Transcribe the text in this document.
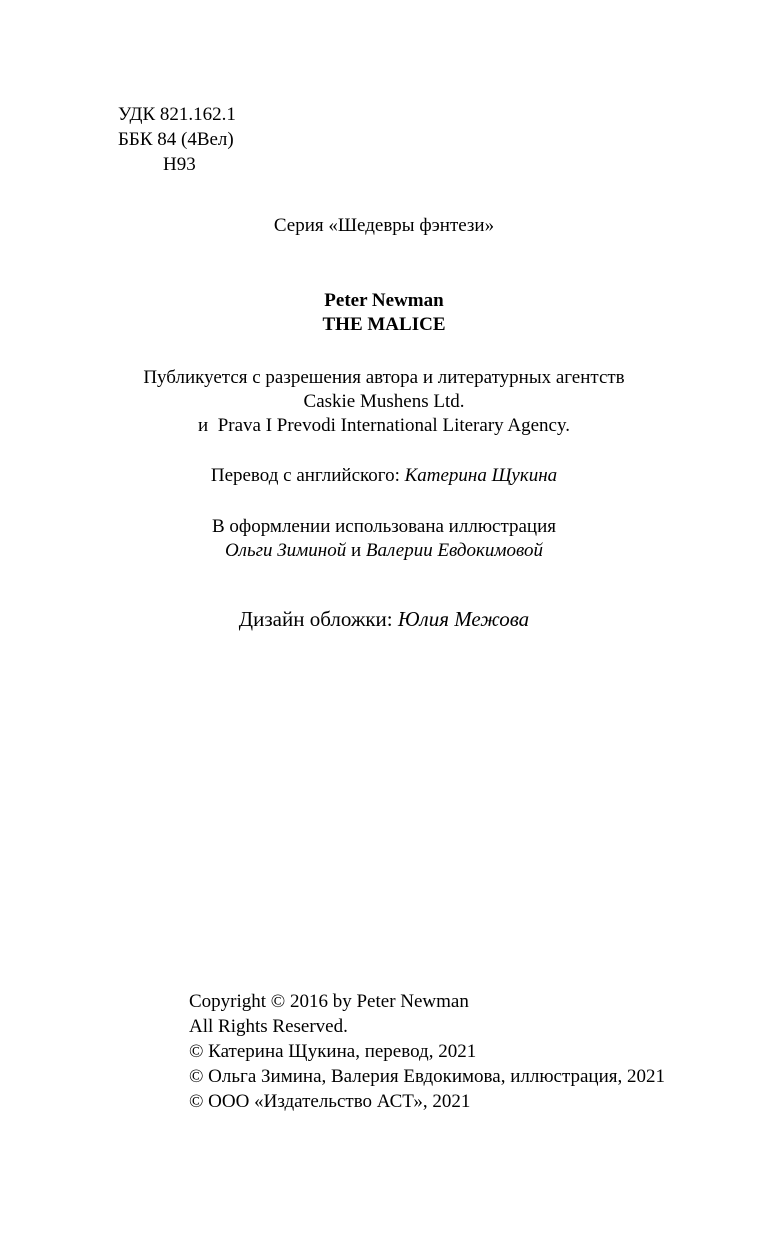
УДК 821.162.1
ББК 84 (4Вел)
Н93
Серия «Шедевры фэнтези»
Peter Newman
THE MALICE
Публикуется с разрешения автора и литературных агентств
Caskie Mushens Ltd.
и Prava I Prevodi International Literary Agency.
Перевод с английского: Катерина Щукина
В оформлении использована иллюстрация
Ольги Зиминой и Валерии Евдокимовой
Дизайн обложки: Юлия Межова
Copyright © 2016 by Peter Newman
All Rights Reserved.
© Катерина Щукина, перевод, 2021
© Ольга Зимина, Валерия Евдокимова, иллюстрация, 2021
© ООО «Издательство АСТ», 2021
